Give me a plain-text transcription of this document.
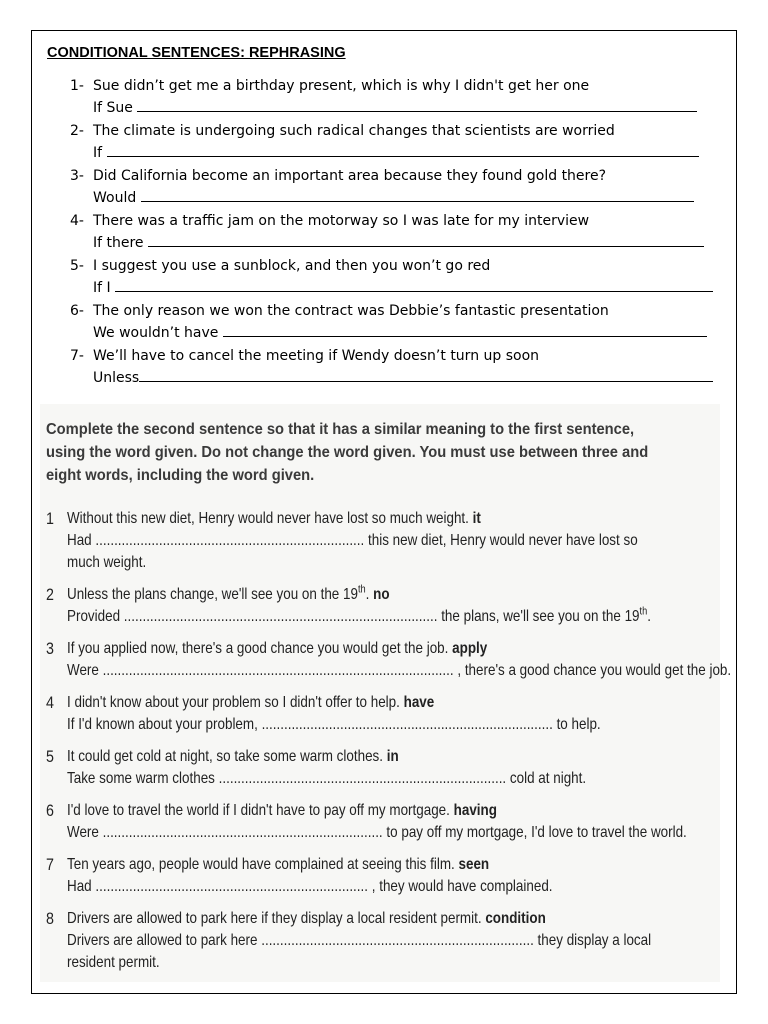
CONDITIONAL SENTENCES: REPHRASING
1- Sue didn’t get me a birthday present, which is why I didn't get her one
If Sue
2- The climate is undergoing such radical changes that scientists are worried
If
3- Did California become an important area because they found gold there?
Would
4- There was a traffic jam on the motorway so I was late for my interview
If there
5- I suggest you use a sunblock, and then you won’t go red
If I
6- The only reason we won the contract was Debbie’s fantastic presentation
We wouldn’t have
7- We’ll have to cancel the meeting if Wendy doesn’t turn up soon
Unless
Complete the second sentence so that it has a similar meaning to the first sentence, using the word given. Do not change the word given. You must use between three and eight words, including the word given.
1 Without this new diet, Henry would never have lost so much weight. it
Had ........................................................................ this new diet, Henry would never have lost so
much weight.
2 Unless the plans change, we'll see you on the 19th. no
Provided .................................................................................... the plans, we'll see you on the 19th.
3 If you applied now, there's a good chance you would get the job. apply
Were .............................................................................................. , there's a good chance you would get the job.
4 I didn't know about your problem so I didn't offer to help. have
If I'd known about your problem, .............................................................................. to help.
5 It could get cold at night, so take some warm clothes. in
Take some warm clothes ............................................................................. cold at night.
6 I'd love to travel the world if I didn't have to pay off my mortgage. having
Were ........................................................................... to pay off my mortgage, I'd love to travel the world.
7 Ten years ago, people would have complained at seeing this film. seen
Had ......................................................................... , they would have complained.
8 Drivers are allowed to park here if they display a local resident permit. condition
Drivers are allowed to park here ......................................................................... they display a local
resident permit.
